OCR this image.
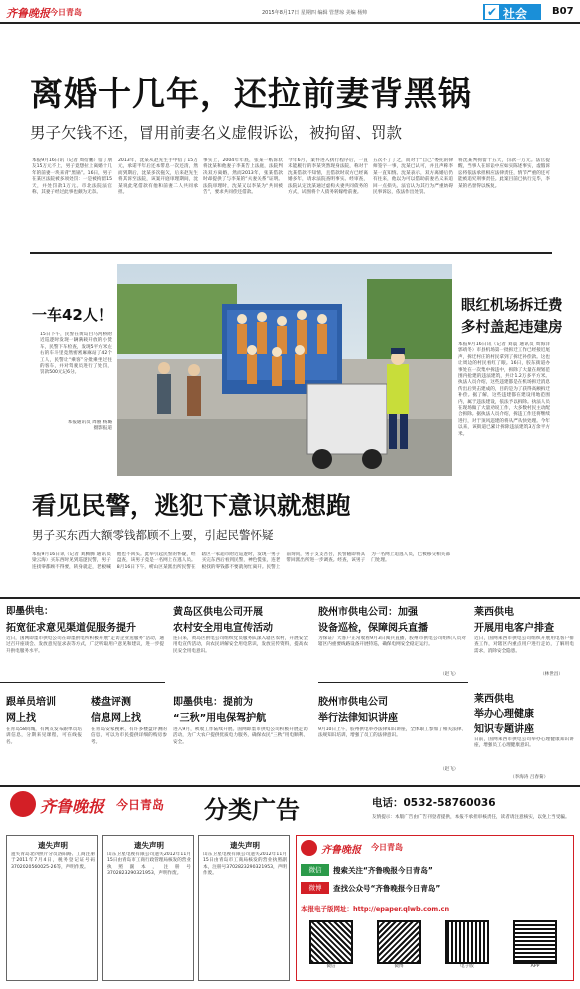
齐鲁晚报 今日青岛	2015年8月17日 星期四 编辑 管慧琼 美编 杨帅	✔ 社会 B07
离婚十几年，还拉前妻背黑锅
男子欠钱不还，冒用前妻名义虚假诉讼，被拘留、罚款
本报9月16日讯（记者 周衍鹏）借了朋友15万元不上，男子竟想拉上离婚十几年的前妻一块来背“黑锅”。16日，男子在某区法院被多项处罚：一是被拘留15天，并处罚款1万元。市北法院法官称，其妻子经过此事也颇为无奈。
2013年，沈某从赵先生手中借了15万元，承诺半年后还本带息一次还清，然而到期后，沈某多次拖欠，后来赵先生将其诉至法院，该案开庭审理期间，沈某说此笔借款有他和前妻二人共同承担。
事实上，2004年年底，张某一纸诉状将沈某和他妻子李某告上法庭，法院判决双方离婚，然而2013年，张某借款时却提供了与李某的“夫妻关系”证明。法院审理时，沈某又以李某为“共同被告”，要求共同偿还借款。
今年6月，案件进入执行程序后，一直未能履行的李某突然现身法院，称对于沈某借款不知情，且借款时双方已经离婚多年，请求法院查明事实。经审查，法院认定沈某通过虚构夫妻共同债务的方式，试图将个人债务转嫁给前妻。
五次不了了之，而对于“自己”委托的律师签字一事，沈某已认可，并且声称李某一直知情。沈某表示，双方离婚后仍有往来，他以为可以借助前妻名义来追回一点损失。法官认为其行为严重妨碍民事诉讼，依法作出处罚。
将沈某判拘留十五天，罚款一万元。法官提醒，当事人在诉讼中应如实陈述事实，虚假诉讼将依法承担相应法律责任，情节严重的还可能被追究刑事责任。此案目前已执行完毕，李某的名誉得以恢复。
一车42人！
15日下午，民警在黄岛白马河桥附近巡逻时发现一辆满载开放的小货车，民警下车检查，发现5平方米左右的车斗里竟然密密麻麻站了42个工人，民警让“乘客”分批乘坐过往的客车，并对驾驶员进行了处罚，罚款500元记6分。
本报通讯员 周丽 杨璐 摄影报道
眼红机场拆迁费
多村盖起违建房
本报9月16日讯（记者 刘震 通讯员 周海洋 郭靖冬）市县机场第一批拆迁工作已经接近尾声，拆迁村庄的村民拿到了拆迁补偿款。这也让周边的村民看红了眼。16日，胶东街道办事处在一次集中拆违中，拆除了大量在规划范围内抢建的违法建筑，共计1.2万多平方米。执法人员介绍，这些违建都是在机场拆迁消息传出后突击建成的，目的是为了获得高额拆迁补偿。据了解，这些违建都在建设用地范围内，属于违法建设，依法予以拆除。执法人员在现场做了大量劝说工作，大多数村民主动配合拆除。据执法人员介绍，拆违工作还将继续进行，对于顶风违建的将从严从快处理。今年以来，该街道已累计拆除违法建筑3万余平方米。
看见民警，逃犯下意识就想跑
男子买东西大额零钱都顾不上要，引起民警怀疑
本报9月16日讯（记者 刘腾腾 通讯员 梁云海）买东西时见到巡逻民警，男子连找零都顾不得要，转身就走，老板喊他也不回头。此举引起民警的怀疑，经盘查，该男子竟是一名网上在逃人员。8月16日下午，崂山区某派出所民警在辖区一家超市附近巡逻时，发现一男子买完东西后看到民警，神色慌张，连老板找的零钱都不要就匆忙离开。民警上前询问，男子支支吾吾，民警随即将其带回派出所进一步调查。经查，该男子为一名网上追逃人员，已被移交相关部门处理。
即墨供电：
拓宽征求意见渠道促服务提升
近日，国网即墨市供电公司在即墨供电所积极开展“走访企业送服务”活动，通过召开座谈会、发放意见征求表等方式，广泛听取用户意见和建议，进一步提升供电服务水平。
黄岛区供电公司开展
农村安全用电宣传活动
连日来，黄岛区供电公司组织党员服务队深入辖区农村，开展安全用电宣传活动，向农民讲解安全用电常识，发放宣传资料，提高农民安全用电意识。
胶州市供电公司：加强
设备巡检，保障阅兵直播
为保证广大客户正常收看9月3日阅兵直播，胶州市供电公司组织人员对辖区内重要线路设备开展特巡，确保电网安全稳定运行。
（赵飞）
莱西供电
开展用电客户排查
近日，国网莱西市供电公司组织开展用电客户排查工作，对辖区内重点用户进行走访，了解用电需求，消除安全隐患。
（林世昌）
跟单员培训
网上找
在青岛58同城，有网友发布跟单员培训信息，分期来见课程，可在线报名。
楼盘评测
信息网上找
在青岛安家搜索，有许多楼盘评测的信息，可以为市民提供详细的购房参考。
即墨供电：提前为
“三秋”用电保驾护航
进入9月，秋收工作陆续开展。国网即墨市供电公司积极开展走访活动，为广大农户提供优质电力服务，确保农民“三秋”用电顺利、安全。
胶州市供电公司
举行法律知识讲座
9月10日上午，胶州供电举办法律知识讲座，全体职工参加了相关法律、法规知识培训，增强了员工的法律意识。
（赵飞）
莱西供电
举办心理健康
知识专题讲座
日前，国网莱西市供电公司举办心理健康知识讲座，增强员工心理健康意识。
（李海涛 吕春菊）
齐鲁晚报 今日青岛 分类广告	电话：0532-58760036
友情提示：本版广告由广告刊登者提供，本报不承担审核责任，读者请注意核实，以免上当受骗。
遗失声明
遗失青岛北四照片分员洛阳路、工商注册于2011年7月4日，税务登记证号码3702020560025-26等，声明作废。
遗失声明
山东卫星电视有限公司遗失2012年11月15日由青岛市工商行政管理局核发的营业执照副本，注册号3702823290321953，声明作废。
遗失声明
山东卫星电视有限公司遗失2012年11月15日由青岛市工商局核发的营业执照副本，注册号3702823290321953，声明作废。
齐鲁晚报 今日青岛
微信	搜索关注“齐鲁晚报今日青岛”
微博	查找公众号“齐鲁晚报今日青岛”
本报电子版网址：http://epaper.qlwb.com.cn
微信	微博	电子版	APP
